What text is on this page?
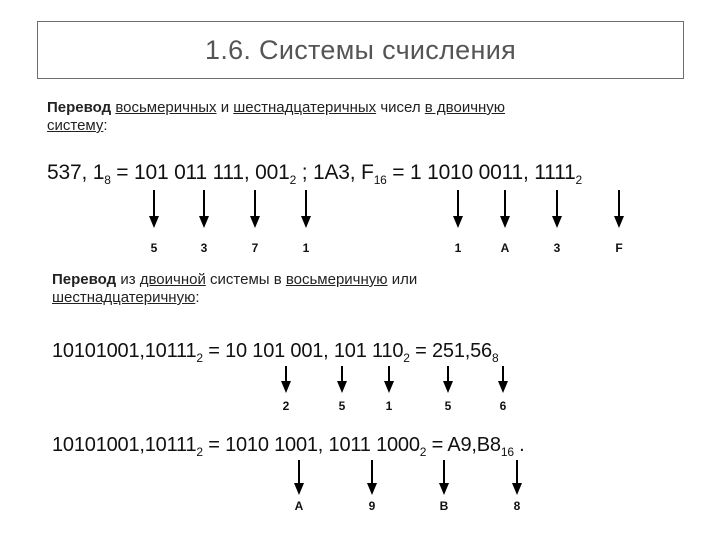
1.6. Системы счисления
Перевод восьмеричных и шестнадцатеричных чисел в двоичную
систему:
537, $1_8 = 101$ 011 111, $001_2$ ; 1A3, $F_{16} = 1$ 1010 0011, $1111_2$
5	3	7	1	1	A	3	F
Перевод из двоичной системы в восьмеричную или
шестнадцатеричную:
$10101001,10111_2 = 10$ 101 001, 101 $110_2 = 251,56_8$
2	5	1	5	6
$10101001,10111_2 = 1010$ 1001, 1011 $1000_2 = A9,B8_{16}$ .
A	9	B	8
